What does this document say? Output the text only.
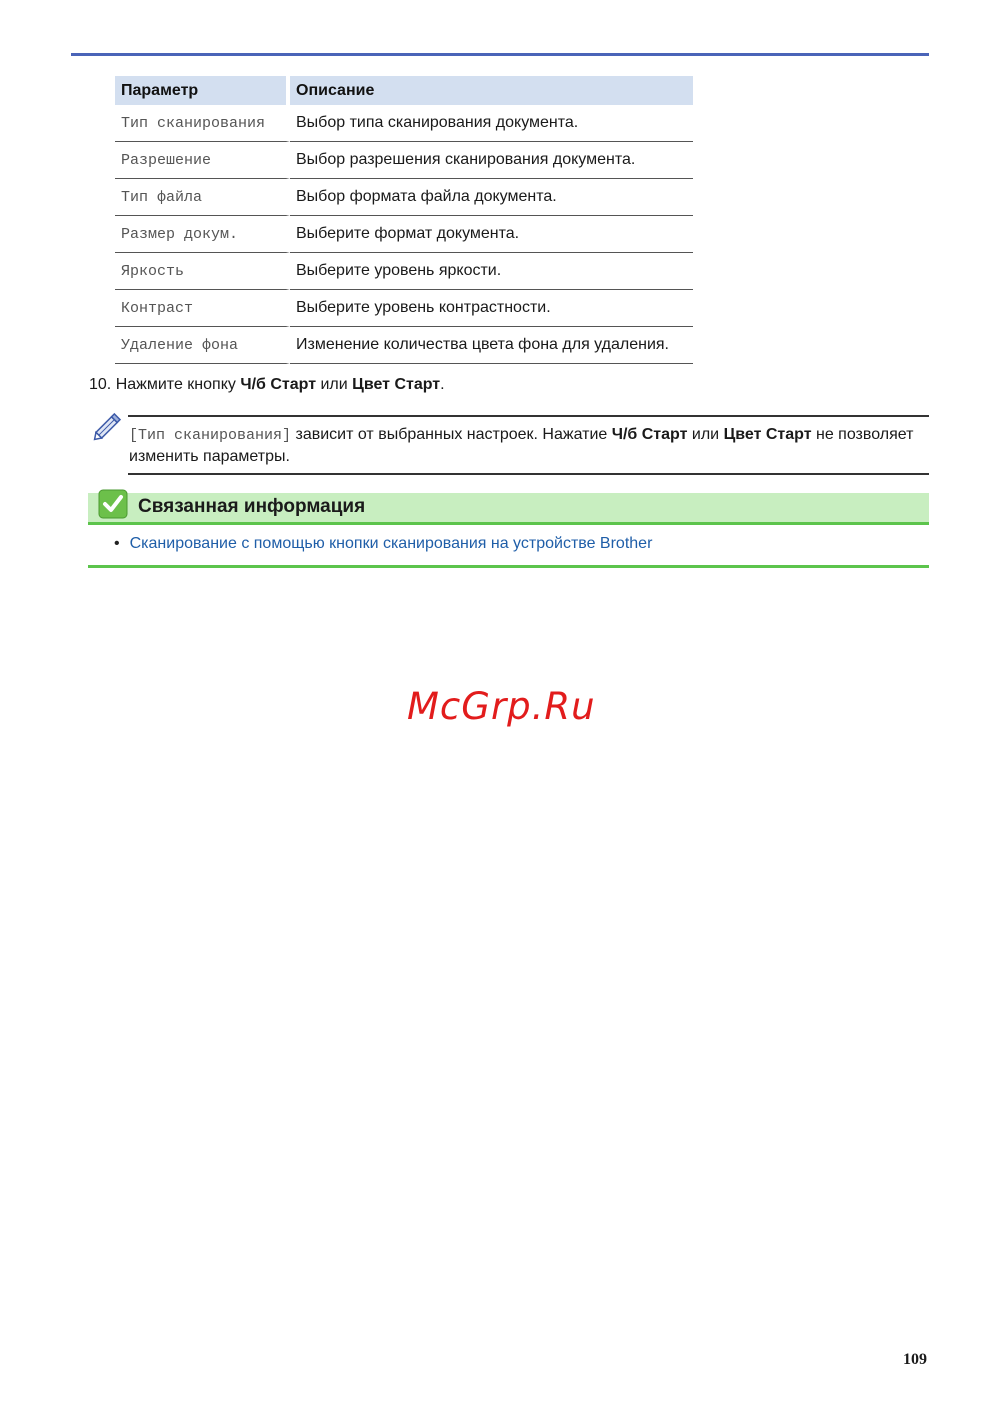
Параметр	Описание
Тип сканирования	Выбор типа сканирования документа.
Разрешение	Выбор разрешения сканирования документа.
Тип файла	Выбор формата файла документа.
Размер докум.	Выберите формат документа.
Яркость	Выберите уровень яркости.
Контраст	Выберите уровень контрастности.
Удаление фона	Изменение количества цвета фона для удаления.
10. Нажмите кнопку Ч/б Старт или Цвет Старт.
[Тип сканирования] зависит от выбранных настроек. Нажатие Ч/б Старт или Цвет Старт не позволяет изменить параметры.
Связанная информация
• Сканирование с помощью кнопки сканирования на устройстве Brother
McGrp.Ru
109
